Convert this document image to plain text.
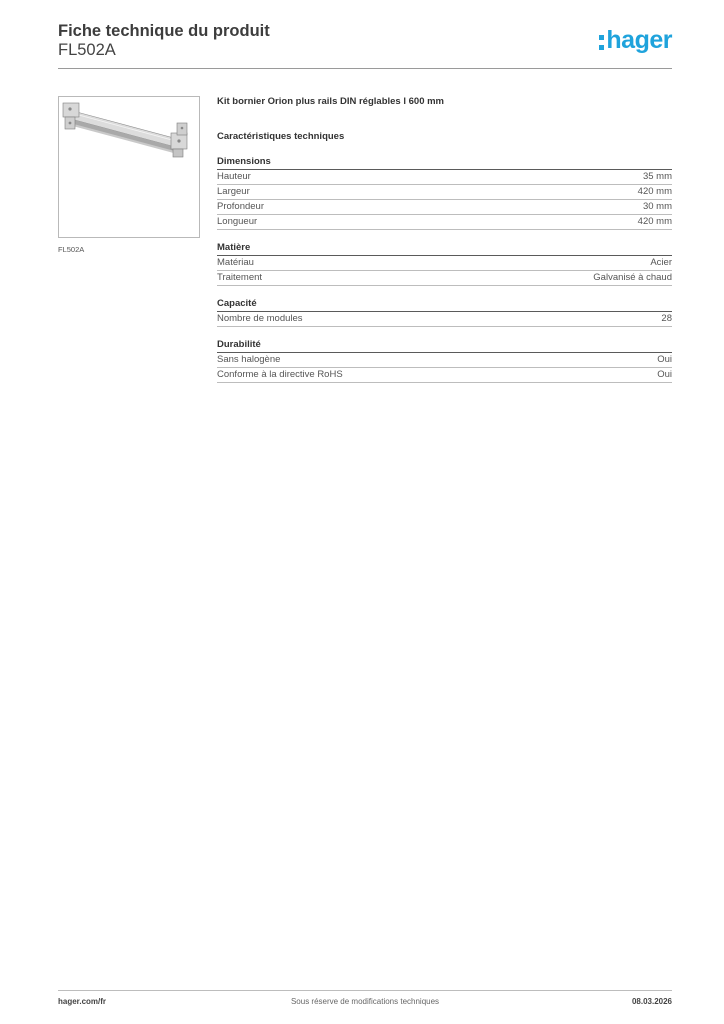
Fiche technique du produit
FL502A	hager
FL502A
Kit bornier Orion plus rails DIN réglables l 600 mm
Caractéristiques techniques
Dimensions
Hauteur	35 mm
Largeur	420 mm
Profondeur	30 mm
Longueur	420 mm
Matière
Matériau	Acier
Traitement	Galvanisé à chaud
Capacité
Nombre de modules	28
Durabilité
Sans halogène	Oui
Conforme à la directive RoHS	Oui
Sous réserve de modifications techniques
hager.com/fr	08.03.2026
